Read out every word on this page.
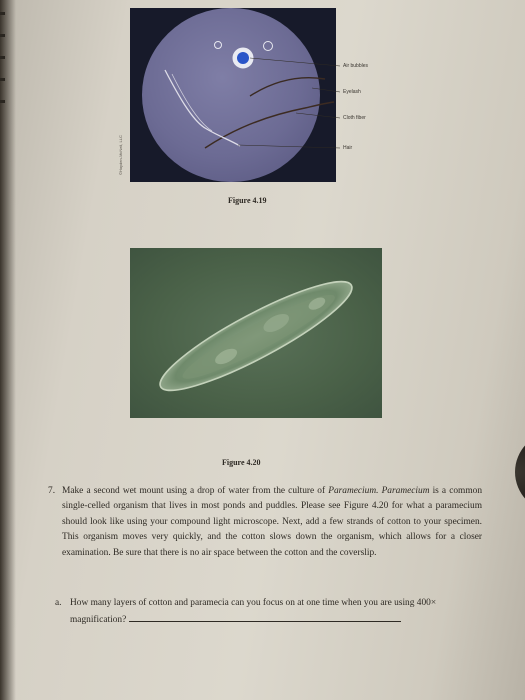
Air bubbles
Eyelash
Cloth fiber
Hair
©Hayden-McNeil, LLC
Figure 4.19
Figure 4.20
7. Make a second wet mount using a drop of water from the culture of Paramecium. Paramecium is a common single-celled organism that lives in most ponds and puddles. Please see Figure 4.20 for what a paramecium should look like using your compound light microscope. Next, add a few strands of cotton to your specimen. This organism moves very quickly, and the cotton slows down the organism, which allows for a closer examination. Be sure that there is no air space between the cotton and the coverslip.
a. How many layers of cotton and paramecia can you focus on at one time when you are using 400× magnification?
